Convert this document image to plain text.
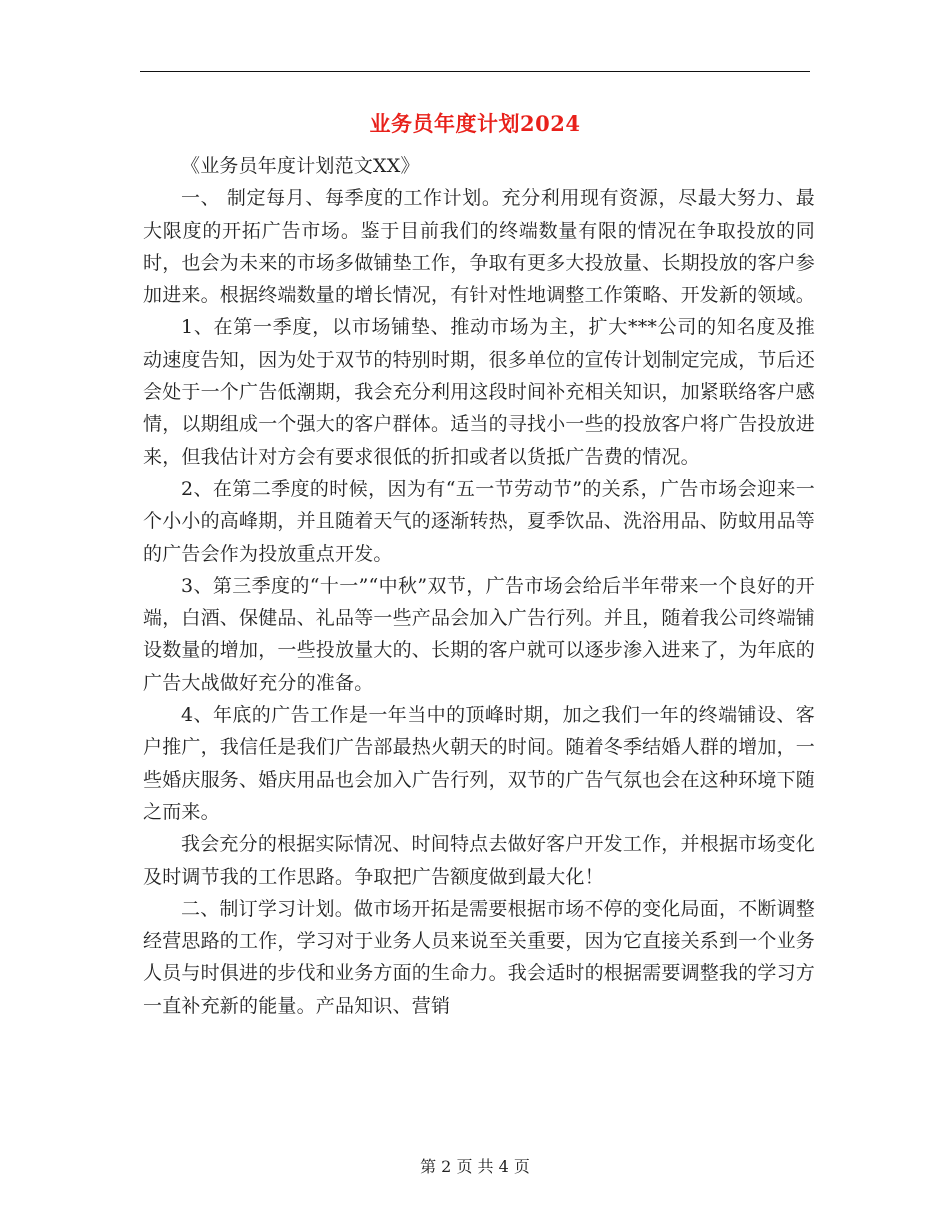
业务员年度计划2024

《业务员年度计划范文XX》

一、 制定每月、每季度的工作计划。充分利用现有资源，尽最大努力、最大限度的开拓广告市场。鉴于目前我们的终端数量有限的情况在争取投放的同时，也会为未来的市场多做铺垫工作，争取有更多大投放量、长期投放的客户参加进来。根据终端数量的增长情况，有针对性地调整工作策略、开发新的领域。

1、在第一季度，以市场铺垫、推动市场为主，扩大***公司的知名度及推动速度告知，因为处于双节的特别时期，很多单位的宣传计划制定完成，节后还会处于一个广告低潮期，我会充分利用这段时间补充相关知识，加紧联络客户感情，以期组成一个强大的客户群体。适当的寻找小一些的投放客户将广告投放进来，但我估计对方会有要求很低的折扣或者以货抵广告费的情况。

2、在第二季度的时候，因为有“五一节劳动节”的关系，广告市场会迎来一个小小的高峰期，并且随着天气的逐渐转热，夏季饮品、洗浴用品、防蚊用品等的广告会作为投放重点开发。

3、第三季度的“十一”“中秋”双节，广告市场会给后半年带来一个良好的开端，白酒、保健品、礼品等一些产品会加入广告行列。并且，随着我公司终端铺设数量的增加，一些投放量大的、长期的客户就可以逐步渗入进来了，为年底的广告大战做好充分的准备。

4、年底的广告工作是一年当中的顶峰时期，加之我们一年的终端铺设、客户推广，我信任是我们广告部最热火朝天的时间。随着冬季结婚人群的增加，一些婚庆服务、婚庆用品也会加入广告行列，双节的广告气氛也会在这种环境下随之而来。

我会充分的根据实际情况、时间特点去做好客户开发工作，并根据市场变化及时调节我的工作思路。争取把广告额度做到最大化！

二、制订学习计划。做市场开拓是需要根据市场不停的变化局面，不断调整经营思路的工作，学习对于业务人员来说至关重要，因为它直接关系到一个业务人员与时俱进的步伐和业务方面的生命力。我会适时的根据需要调整我的学习方一直补充新的能量。产品知识、营销

第 2 页 共 4 页
